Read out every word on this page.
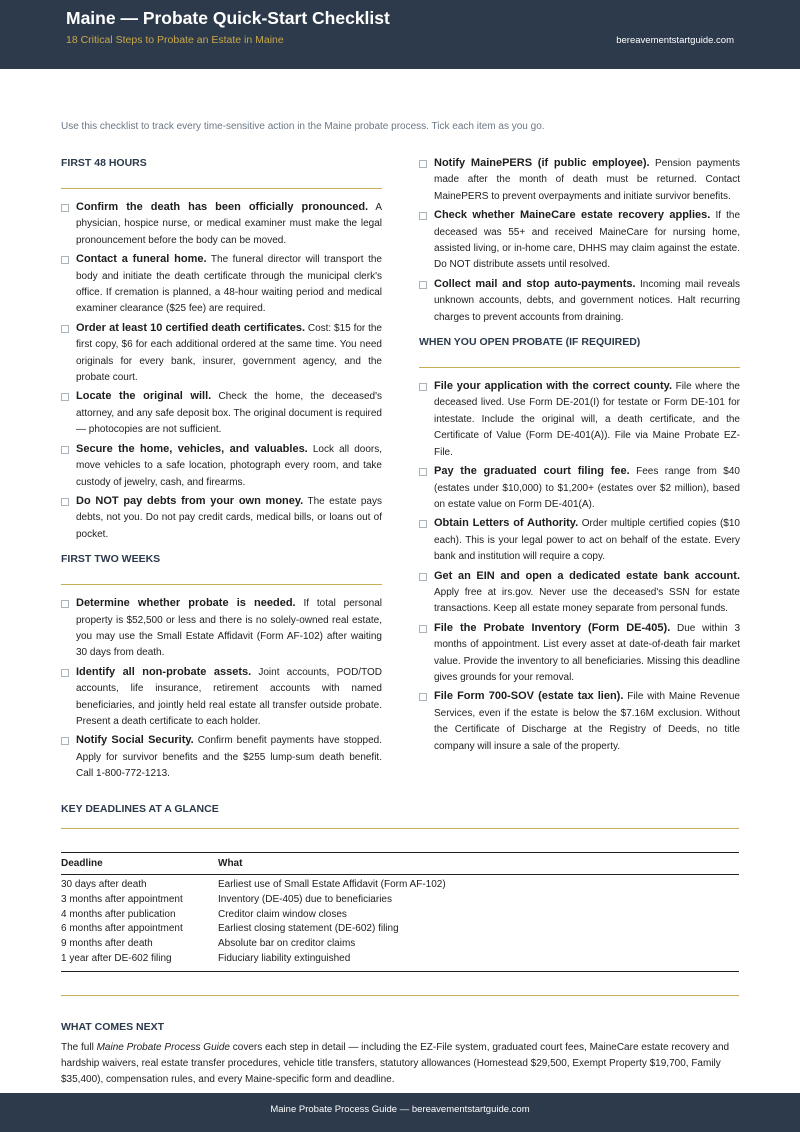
Maine — Probate Quick-Start Checklist
18 Critical Steps to Probate an Estate in Maine	bereavementstartguide.com
Use this checklist to track every time-sensitive action in the Maine probate process. Tick each item as you go.
FIRST 48 HOURS
Confirm the death has been officially pronounced. A physician, hospice nurse, or medical examiner must make the legal pronouncement before the body can be moved.
Contact a funeral home. The funeral director will transport the body and initiate the death certificate through the municipal clerk's office. If cremation is planned, a 48-hour waiting period and medical examiner clearance ($25 fee) are required.
Order at least 10 certified death certificates. Cost: $15 for the first copy, $6 for each additional ordered at the same time. You need originals for every bank, insurer, government agency, and the probate court.
Locate the original will. Check the home, the deceased's attorney, and any safe deposit box. The original document is required — photocopies are not sufficient.
Secure the home, vehicles, and valuables. Lock all doors, move vehicles to a safe location, photograph every room, and take custody of jewelry, cash, and firearms.
Do NOT pay debts from your own money. The estate pays debts, not you. Do not pay credit cards, medical bills, or loans out of pocket.
FIRST TWO WEEKS
Determine whether probate is needed. If total personal property is $52,500 or less and there is no solely-owned real estate, you may use the Small Estate Affidavit (Form AF-102) after waiting 30 days from death.
Identify all non-probate assets. Joint accounts, POD/TOD accounts, life insurance, retirement accounts with named beneficiaries, and jointly held real estate all transfer outside probate. Present a death certificate to each holder.
Notify Social Security. Confirm benefit payments have stopped. Apply for survivor benefits and the $255 lump-sum death benefit. Call 1-800-772-1213.
Notify MainePERS (if public employee). Pension payments made after the month of death must be returned. Contact MainePERS to prevent overpayments and initiate survivor benefits.
Check whether MaineCare estate recovery applies. If the deceased was 55+ and received MaineCare for nursing home, assisted living, or in-home care, DHHS may claim against the estate. Do NOT distribute assets until resolved.
Collect mail and stop auto-payments. Incoming mail reveals unknown accounts, debts, and government notices. Halt recurring charges to prevent accounts from draining.
WHEN YOU OPEN PROBATE (IF REQUIRED)
File your application with the correct county. File where the deceased lived. Use Form DE-201(I) for testate or Form DE-101 for intestate. Include the original will, a death certificate, and the Certificate of Value (Form DE-401(A)). File via Maine Probate EZ-File.
Pay the graduated court filing fee. Fees range from $40 (estates under $10,000) to $1,200+ (estates over $2 million), based on estate value on Form DE-401(A).
Obtain Letters of Authority. Order multiple certified copies ($10 each). This is your legal power to act on behalf of the estate. Every bank and institution will require a copy.
Get an EIN and open a dedicated estate bank account. Apply free at irs.gov. Never use the deceased's SSN for estate transactions. Keep all estate money separate from personal funds.
File the Probate Inventory (Form DE-405). Due within 3 months of appointment. List every asset at date-of-death fair market value. Provide the inventory to all beneficiaries. Missing this deadline gives grounds for your removal.
File Form 700-SOV (estate tax lien). File with Maine Revenue Services, even if the estate is below the $7.16M exclusion. Without the Certificate of Discharge at the Registry of Deeds, no title company will insure a sale of the property.
KEY DEADLINES AT A GLANCE
Deadline	What
30 days after death	Earliest use of Small Estate Affidavit (Form AF-102)
3 months after appointment	Inventory (DE-405) due to beneficiaries
4 months after publication	Creditor claim window closes
6 months after appointment	Earliest closing statement (DE-602) filing
9 months after death	Absolute bar on creditor claims
1 year after DE-602 filing	Fiduciary liability extinguished
WHAT COMES NEXT
The full Maine Probate Process Guide covers each step in detail — including the EZ-File system, graduated court fees, MaineCare estate recovery and hardship waivers, real estate transfer procedures, vehicle title transfers, statutory allowances (Homestead $29,500, Exempt Property $19,700, Family $35,400), compensation rules, and every Maine-specific form and deadline.
Maine Probate Process Guide — bereavementstartguide.com
